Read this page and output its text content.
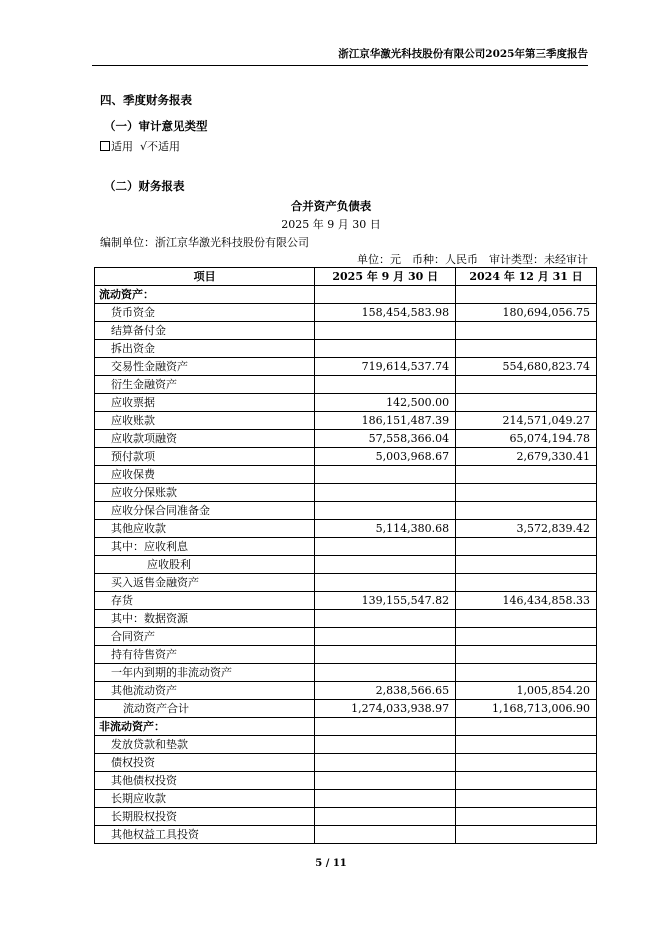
浙江京华激光科技股份有限公司2025年第三季度报告
四、季度财务报表
（一）审计意见类型
适用 √不适用
（二）财务报表
合并资产负债表
2025 年 9 月 30 日
编制单位：浙江京华激光科技股份有限公司
单位：元　币种：人民币　审计类型：未经审计
项目	2025 年 9 月 30 日	2024 年 12 月 31 日
流动资产：		
货币资金	158,454,583.98	180,694,056.75
结算备付金		
拆出资金		
交易性金融资产	719,614,537.74	554,680,823.74
衍生金融资产		
应收票据	142,500.00	
应收账款	186,151,487.39	214,571,049.27
应收款项融资	57,558,366.04	65,074,194.78
预付款项	5,003,968.67	2,679,330.41
应收保费		
应收分保账款		
应收分保合同准备金		
其他应收款	5,114,380.68	3,572,839.42
其中：应收利息		
应收股利		
买入返售金融资产		
存货	139,155,547.82	146,434,858.33
其中：数据资源		
合同资产		
持有待售资产		
一年内到期的非流动资产		
其他流动资产	2,838,566.65	1,005,854.20
流动资产合计	1,274,033,938.97	1,168,713,006.90
非流动资产：		
发放贷款和垫款		
债权投资		
其他债权投资		
长期应收款		
长期股权投资		
其他权益工具投资		
5 / 11
